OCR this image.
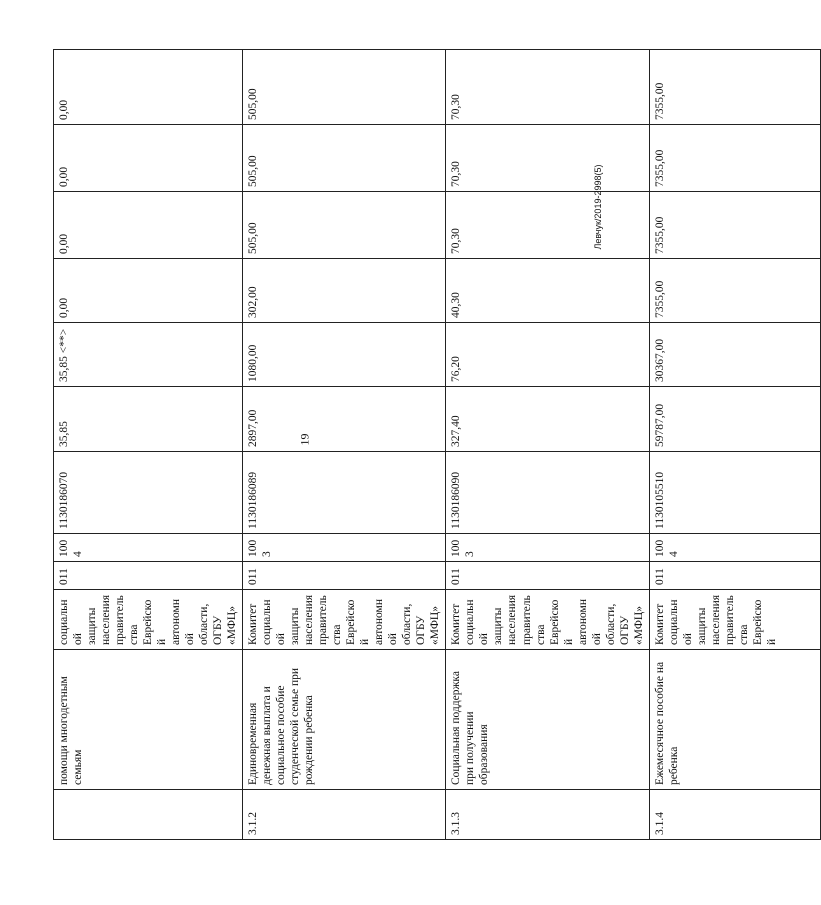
	помощи многодетным семьям	социальной защиты населения правительства Еврейской автономной области, ОГБУ «МФЦ»	011	1004	1130186070	35,85	35,85 <**>	0,00	0,00	0,00	0,00
3.1.2	Единовременная денежная выплата и социальное пособие студенческой семье при рождении ребенка	Комитет социальной защиты населения правительства Еврейской автономной области, ОГБУ «МФЦ»	011	1003	1130186089	2897,00	1080,00	302,00	505,00	505,00	505,00
3.1.3	Социальная поддержка при получении образования	Комитет социальной защиты населения правительства Еврейской автономной области, ОГБУ «МФЦ»	011	1003	1130186090	327,40	76,20	40,30	70,30	70,30	70,30
3.1.4	Ежемесячное пособие на ребенка	Комитет социальной защиты населения правительства Еврейской	011	1004	1130105510	59787,00	30367,00	7355,00	7355,00	7355,00	7355,00
19
Левчук/2019-2998(5)
